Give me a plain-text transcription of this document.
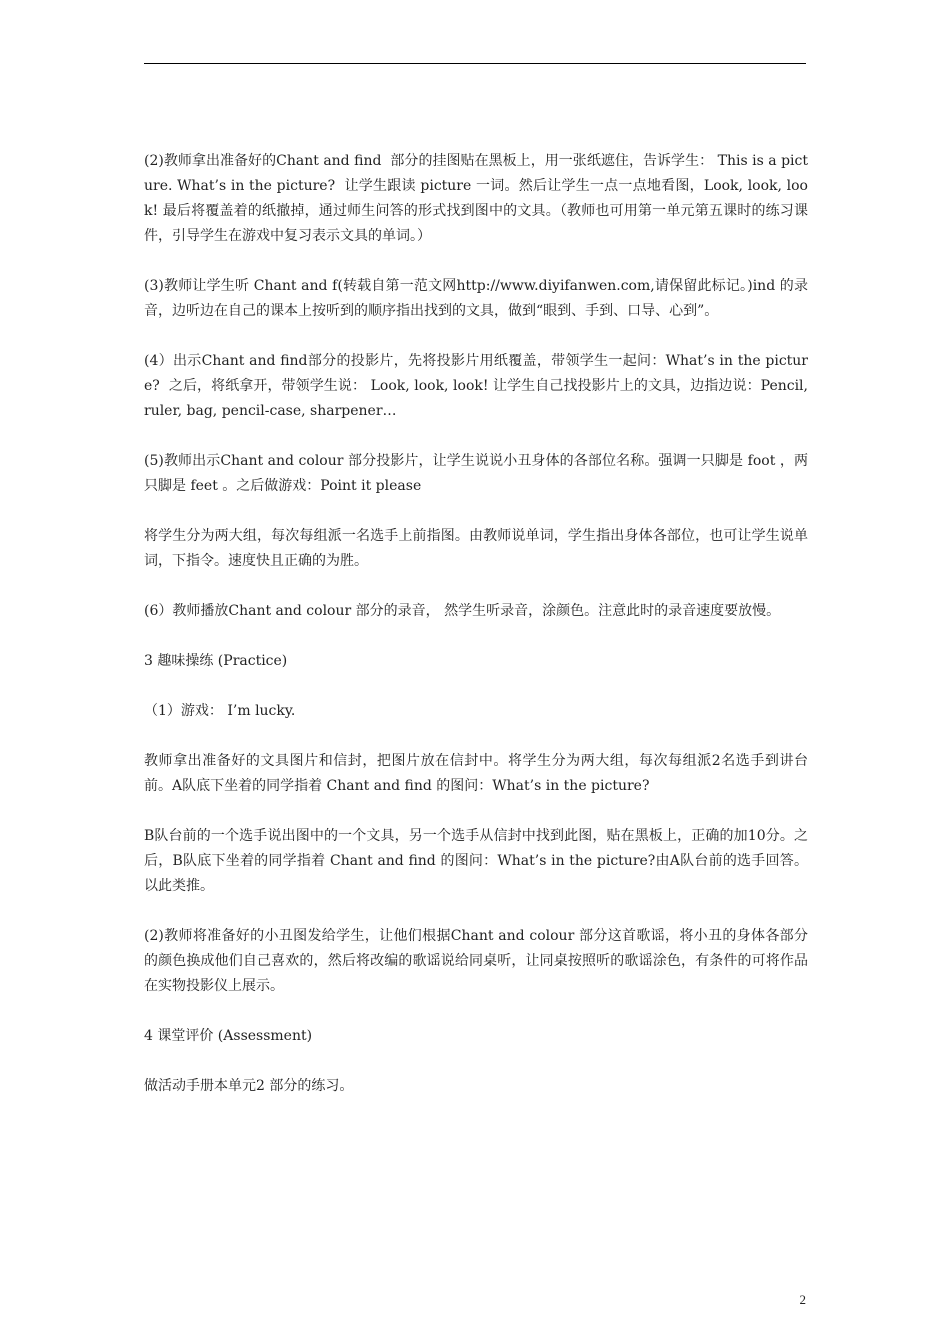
(2)教师拿出准备好的Chant and find  部分的挂图贴在黑板上，用一张纸遮住，告诉学生： This is a picture. What’s in the picture?  让学生跟读 picture 一词。然后让学生一点一点地看图，Look, look, look! 最后将覆盖着的纸撤掉，通过师生问答的形式找到图中的文具。（教师也可用第一单元第五课时的练习课件，引导学生在游戏中复习表示文具的单词。）

(3)教师让学生听 Chant and f(转载自第一范文网http://www.diyifanwen.com,请保留此标记。)ind 的录音，边听边在自己的课本上按听到的顺序指出找到的文具，做到“眼到、手到、口导、心到”。

(4）出示Chant and find部分的投影片，先将投影片用纸覆盖，带领学生一起问：What’s in the picture?  之后，将纸拿开，带领学生说： Look, look, look! 让学生自己找投影片上的文具，边指边说：Pencil, ruler, bag, pencil-case, sharpener…

(5)教师出示Chant and colour 部分投影片，让学生说说小丑身体的各部位名称。强调一只脚是 foot ，两只脚是 feet 。之后做游戏：Point it please

将学生分为两大组，每次每组派一名选手上前指图。由教师说单词，学生指出身体各部位，也可让学生说单词，下指令。速度快且正确的为胜。

(6）教师播放Chant and colour 部分的录音， 然学生听录音，涂颜色。注意此时的录音速度要放慢。

3 趣味操练 (Practice)

（1）游戏： I’m lucky.

教师拿出准备好的文具图片和信封，把图片放在信封中。将学生分为两大组，每次每组派2名选手到讲台前。A队底下坐着的同学指着 Chant and find 的图问：What’s in the picture?

B队台前的一个选手说出图中的一个文具，另一个选手从信封中找到此图，贴在黑板上，正确的加10分。之后，B队底下坐着的同学指着 Chant and find 的图问：What’s in the picture?由A队台前的选手回答。以此类推。

(2)教师将准备好的小丑图发给学生，让他们根据Chant and colour 部分这首歌谣，将小丑的身体各部分的颜色换成他们自己喜欢的，然后将改编的歌谣说给同桌听，让同桌按照听的歌谣涂色，有条件的可将作品在实物投影仪上展示。

4 课堂评价 (Assessment)

做活动手册本单元2 部分的练习。

2
